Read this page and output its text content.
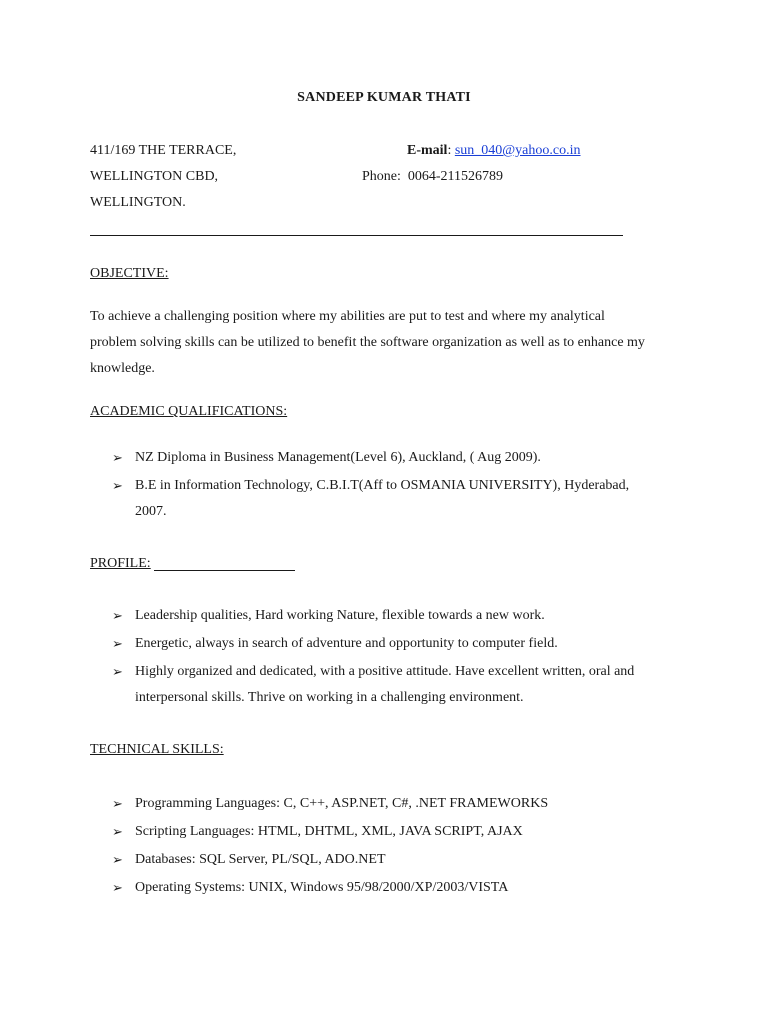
SANDEEP KUMAR THATI
411/169 THE TERRACE,
WELLINGTON CBD,
WELLINGTON.
E-mail: sun_040@yahoo.co.in
Phone: 0064-211526789
OBJECTIVE:
To achieve a challenging position where my abilities are put to test and where my analytical
problem solving skills can be utilized to benefit the software organization as well as to enhance my
knowledge.
ACADEMIC QUALIFICATIONS:
➢ NZ Diploma in Business Management(Level 6), Auckland, ( Aug 2009).
➢ B.E in Information Technology, C.B.I.T(Aff to OSMANIA UNIVERSITY), Hyderabad,
2007.
PROFILE:
➢ Leadership qualities, Hard working Nature, flexible towards a new work.
➢ Energetic, always in search of adventure and opportunity to computer field.
➢ Highly organized and dedicated, with a positive attitude. Have excellent written, oral and
interpersonal skills. Thrive on working in a challenging environment.
TECHNICAL SKILLS:
➢ Programming Languages: C, C++, ASP.NET, C#, .NET FRAMEWORKS
➢ Scripting Languages: HTML, DHTML, XML, JAVA SCRIPT, AJAX
➢ Databases: SQL Server, PL/SQL, ADO.NET
➢ Operating Systems: UNIX, Windows 95/98/2000/XP/2003/VISTA
